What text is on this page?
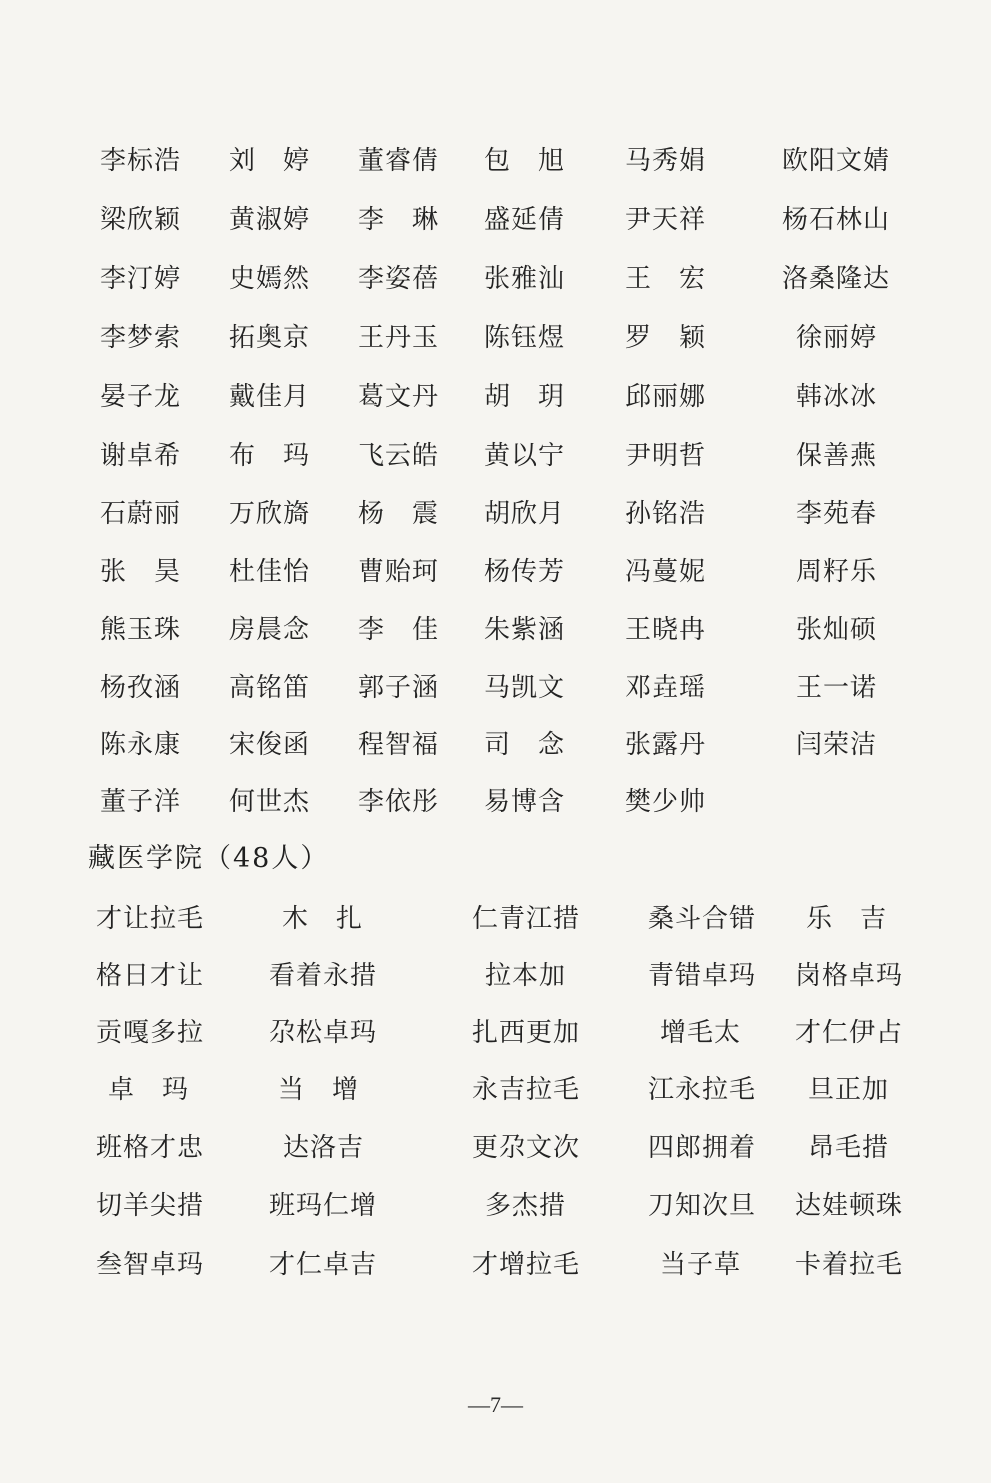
李标浩 刘　婷 董睿倩 包　旭 马秀娟	欧阳文婧
梁欣颖 黄淑婷 李　琳 盛延倩 尹天祥	杨石林山
李汀婷 史嫣然 李姿蓓 张雅汕 王　宏	洛桑隆达
李梦索 拓奥京 王丹玉 陈钰煜 罗　颖	徐丽婷
晏子龙 戴佳月 葛文丹 胡　玥 邱丽娜	韩冰冰
谢卓希 布　玛 飞云皓 黄以宁 尹明哲	保善燕
石蔚丽 万欣旖 杨　震 胡欣月 孙铭浩	李苑春
张　昊 杜佳怡 曹贻珂 杨传芳 冯蔓妮	周籽乐
熊玉珠 房晨念 李　佳 朱紫涵 王晓冉	张灿硕
杨孜涵 高铭笛 郭子涵 马凯文 邓垚瑶	王一诺
陈永康 宋俊函 程智福 司　念 张露丹	闫荣洁
董子洋 何世杰 李依彤 易博含 樊少帅
藏医学院（48人）
才让拉毛	木　扎	仁青江措	桑斗合错 乐　吉
格日才让 看着永措	拉本加	青错卓玛 岗格卓玛
贡嘎多拉 尕松卓玛	扎西更加	增毛太 才仁伊占
卓　玛	当　增	永吉拉毛	江永拉毛 旦正加
班格才忠	达洛吉	更尕文次	四郎拥着 昂毛措
切羊尖措 班玛仁增	多杰措	刀知次旦 达娃顿珠
叁智卓玛 才仁卓吉	才增拉毛	当子草 卡着拉毛
—7—
